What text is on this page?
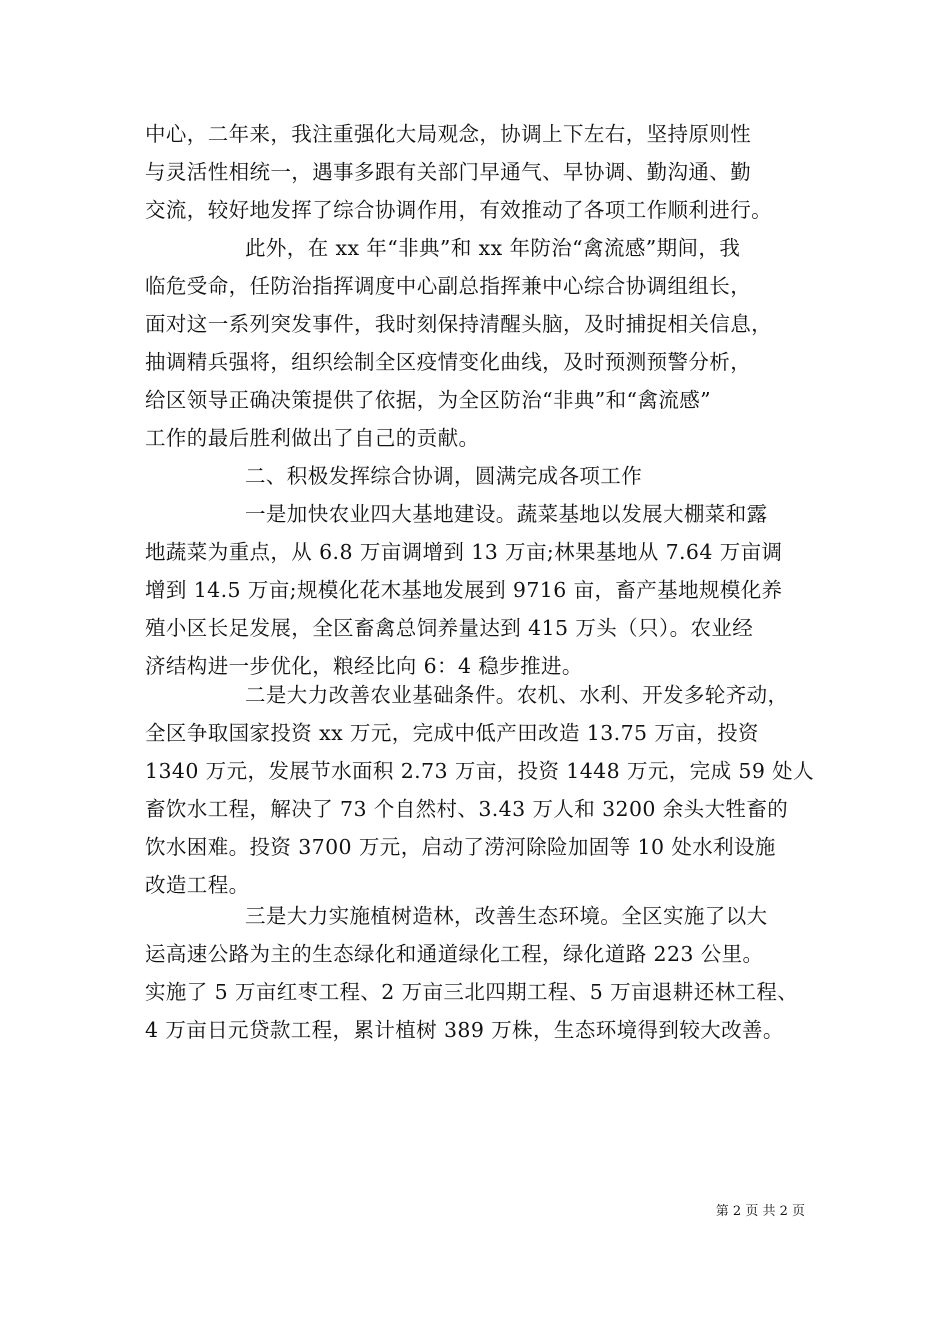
中心，二年来，我注重强化大局观念，协调上下左右，坚持原则性
与灵活性相统一，遇事多跟有关部门早通气、早协调、勤沟通、勤
交流，较好地发挥了综合协调作用，有效推动了各项工作顺利进行。
此外，在 xx 年“非典”和 xx 年防治“禽流感”期间，我
临危受命，任防治指挥调度中心副总指挥兼中心综合协调组组长，
面对这一系列突发事件，我时刻保持清醒头脑，及时捕捉相关信息，
抽调精兵强将，组织绘制全区疫情变化曲线，及时预测预警分析，
给区领导正确决策提供了依据，为全区防治“非典”和“禽流感”
工作的最后胜利做出了自己的贡献。
二、积极发挥综合协调，圆满完成各项工作
一是加快农业四大基地建设。蔬菜基地以发展大棚菜和露
地蔬菜为重点，从 6.8 万亩调增到 13 万亩;林果基地从 7.64 万亩调
增到 14.5 万亩;规模化花木基地发展到 9716 亩，畜产基地规模化养
殖小区长足发展，全区畜禽总饲养量达到 415 万头（只）。农业经
济结构进一步优化，粮经比向 6：4 稳步推进。
二是大力改善农业基础条件。农机、水利、开发多轮齐动，
全区争取国家投资 xx 万元，完成中低产田改造 13.75 万亩，投资
1340 万元，发展节水面积 2.73 万亩，投资 1448 万元，完成 59 处人
畜饮水工程，解决了 73 个自然村、3.43 万人和 3200 余头大牲畜的
饮水困难。投资 3700 万元，启动了涝河除险加固等 10 处水利设施
改造工程。
三是大力实施植树造林，改善生态环境。全区实施了以大
运高速公路为主的生态绿化和通道绿化工程，绿化道路 223 公里。
实施了 5 万亩红枣工程、2 万亩三北四期工程、5 万亩退耕还林工程、
4 万亩日元贷款工程，累计植树 389 万株，生态环境得到较大改善。
第 2 页 共 2 页
